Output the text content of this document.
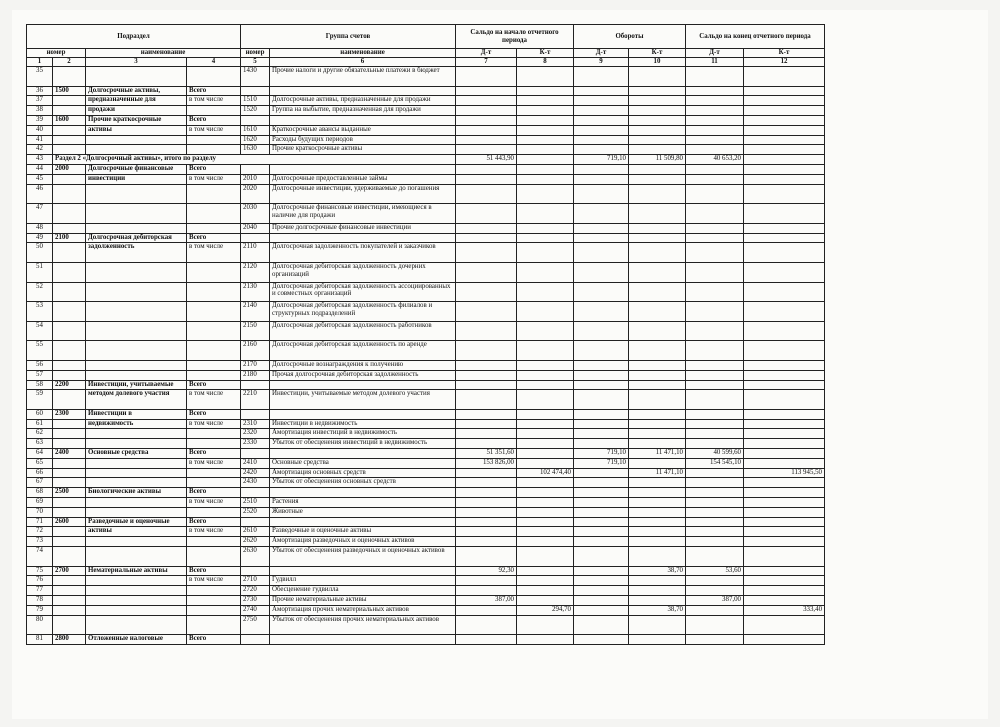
Подраздел				Группа счетов		Сальдо на начало отчетного периода		Обороты		Сальдо на конец отчетного периода	
номер		наименование		номер	наименование	Д-т	К-т	Д-т	К-т	Д-т	К-т
1	2	3	4	5	6	7	8	9	10	11	12
35				1430	Прочие налоги и другие обязательные платежи в бюджет						
36	1500	Долгосрочные активы,	Всего								
37		предназначенные для	в том числе	1510	Долгосрочные активы, предназначенные для продажи						
38		продажи		1520	Группа на выбытие, предназначенная для продажи						
39	1600	Прочие краткосрочные	Всего								
40		активы	в том числе	1610	Краткосрочные авансы выданные						
41				1620	Расходы будущих периодов						
42				1630	Прочие краткосрочные активы						
43	Раздел 2 «Долгосрочный активы», итого по разделу					51 443,90		719,10	11 509,80	40 653,20	
44	2000	Долгосрочные финансовые	Всего								
45		инвестиции	в том числе	2010	Долгосрочные предоставленные займы						
46				2020	Долгосрочные инвестиции, удерживаемые до погашения						
47				2030	Долгосрочные финансовые инвестиции, имеющиеся в наличие для продажи						
48				2040	Прочие долгосрочные финансовые инвестиции						
49	2100	Долгосрочная дебиторская	Всего								
50		задолженность	в том числе	2110	Долгосрочная задолженность покупателей и заказчиков						
51				2120	Долгосрочная дебиторская задолженность дочерних организаций						
52				2130	Долгосрочная дебиторская задолженность ассоциированных и совместных организаций						
53				2140	Долгосрочная дебиторская задолженность филиалов и структурных подразделений						
54				2150	Долгосрочная дебиторская задолженность работников						
55				2160	Долгосрочная дебиторская задолженность по аренде						
56				2170	Долгосрочные вознаграждения к получению						
57				2180	Прочая долгосрочная дебиторская задолженность						
58	2200	Инвестиции, учитываемые	Всего								
59		методом долевого участия	в том числе	2210	Инвестиции, учитываемые методом долевого участия						
60	2300	Инвестиции в	Всего								
61		недвижимость	в том числе	2310	Инвестиции в недвижимость						
62				2320	Амортизация инвестиций в недвижимость						
63				2330	Убыток от обесценения инвестиций в недвижимость						
64	2400	Основные средства	Всего			51 351,60		719,10	11 471,10	40 599,60	
65			в том числе	2410	Основные средства	153 826,00		719,10		154 545,10	
66				2420	Амортизация основных средств		102 474,40		11 471,10		113 945,50
67				2430	Убыток от обесценения основных средств						
68	2500	Биологические активы	Всего								
69			в том числе	2510	Растения						
70				2520	Животные						
71	2600	Разведочные и оценочные	Всего								
72		активы	в том числе	2610	Разведочные и оценочные активы						
73				2620	Амортизация разведочных и оценочных активов						
74				2630	Убыток от обесценения разведочных и оценочных активов						
75	2700	Нематериальные активы	Всего			92,30			38,70	53,60	
76			в том числе	2710	Гудвилл						
77				2720	Обесценение гудвилла						
78				2730	Прочие нематериальные активы	387,00				387,00	
79				2740	Амортизация прочих нематериальных активов		294,70		38,70		333,40
80				2750	Убыток от обесценения прочих нематериальных активов						
81	2800	Отложенные налоговые	Всего								
